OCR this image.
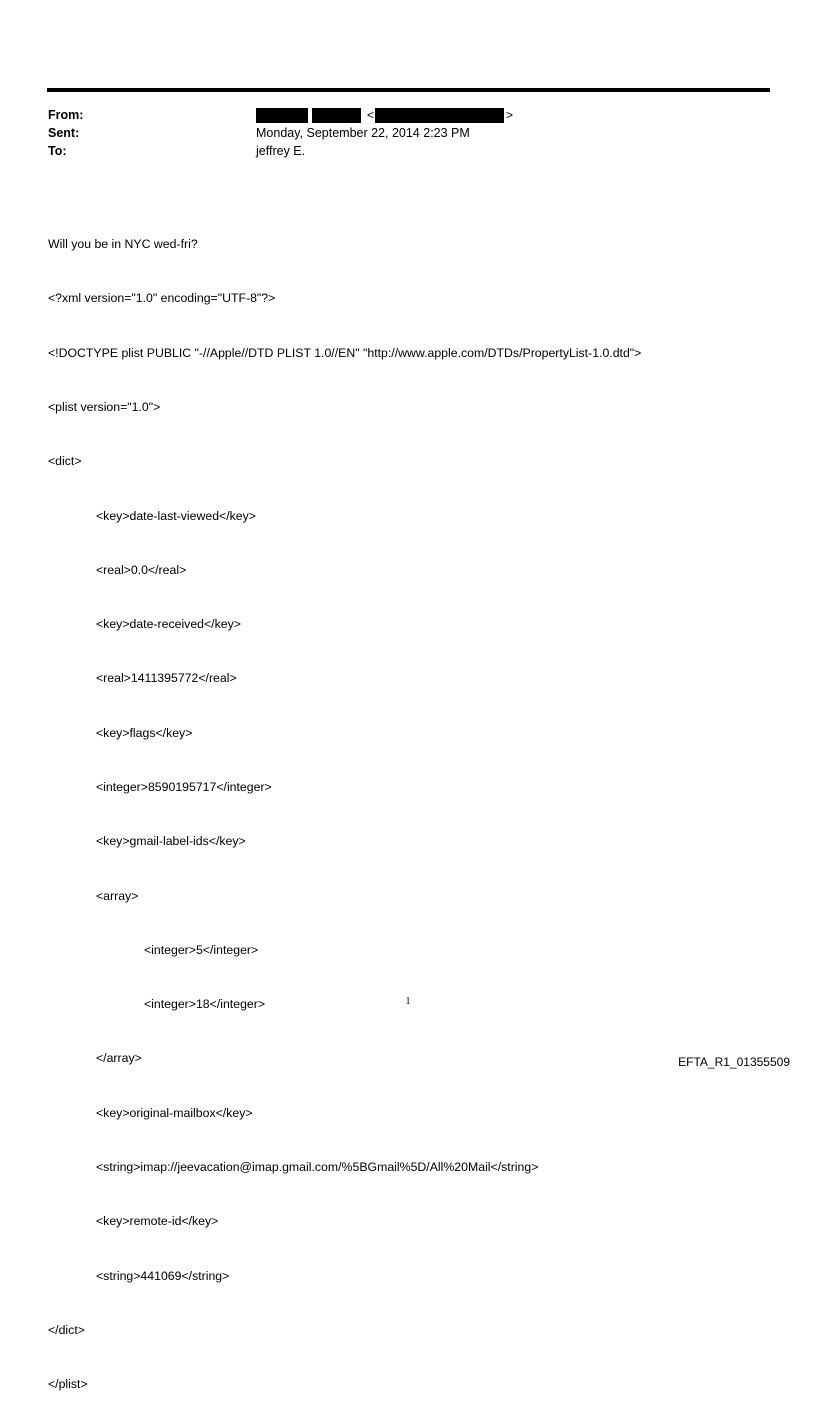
From:	<	>
Sent:	Monday, September 22, 2014 2:23 PM
To:	jeffrey E.

Will you be in NYC wed-fri?

<?xml version="1.0" encoding="UTF-8"?>

<!DOCTYPE plist PUBLIC "-//Apple//DTD PLIST 1.0//EN" "http://www.apple.com/DTDs/PropertyList-1.0.dtd">

<plist version="1.0">

<dict>

<key>date-last-viewed</key>

<real>0.0</real>

<key>date-received</key>

<real>1411395772</real>

<key>flags</key>

<integer>8590195717</integer>

<key>gmail-label-ids</key>

<array>

<integer>5</integer>

<integer>18</integer>

</array>

<key>original-mailbox</key>

<string>imap://jeevacation@imap.gmail.com/%5BGmail%5D/All%20Mail</string>

<key>remote-id</key>

<string>441069</string>

</dict>

</plist>

1
EFTA_R1_01355509
